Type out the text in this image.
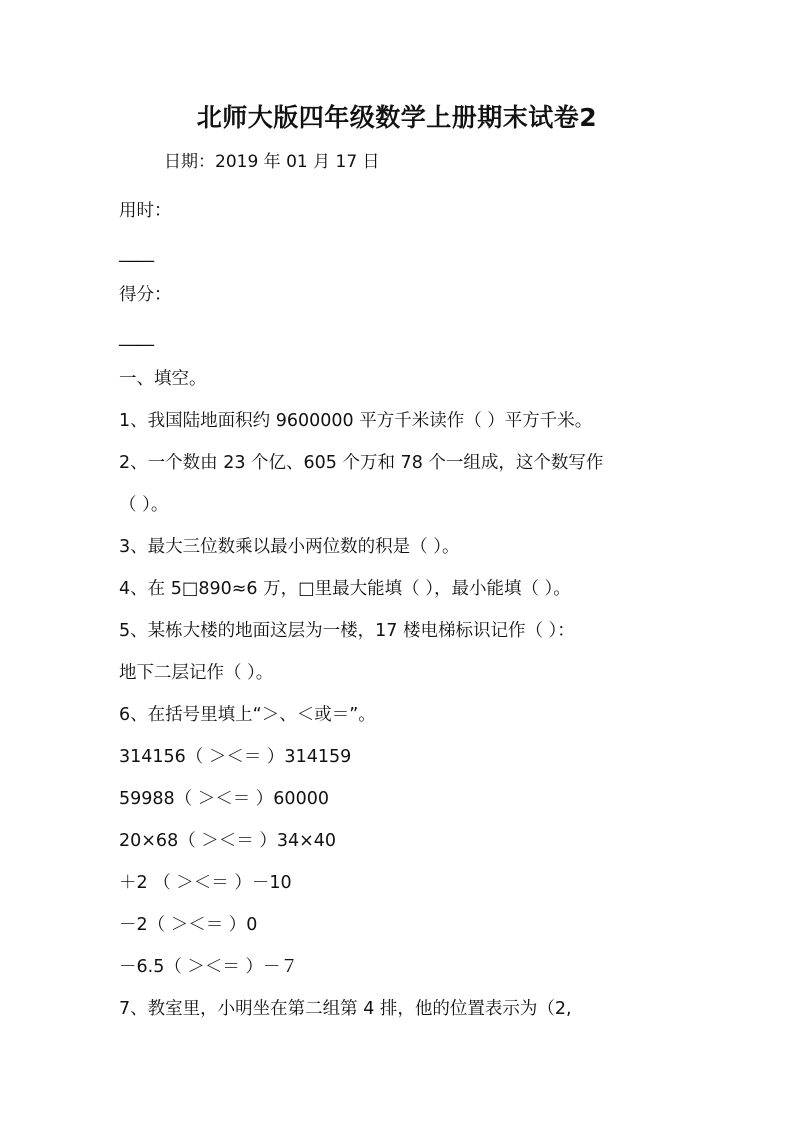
北师大版四年级数学上册期末试卷2
日期：2019 年 01 月 17 日
用时：
____
得分：
____
一、填空。
1、我国陆地面积约 9600000 平方千米读作（ ）平方千米。
2、一个数由 23 个亿、605 个万和 78 个一组成，这个数写作
（ ）。
3、最大三位数乘以最小两位数的积是（ ）。
4、在 5□890≈6 万，□里最大能填（ ），最小能填（ ）。
5、某栋大楼的地面这层为一楼，17 楼电梯标识记作（ ）：
地下二层记作（ ）。
6、在括号里填上“＞、＜或＝”。
314156（ ＞＜＝ ）314159
59988（ ＞＜＝ ）60000
20×68（ ＞＜＝ ）34×40
＋2 （ ＞＜＝ ）－10
－2（ ＞＜＝ ）0
－6.5（ ＞＜＝ ）－７
7、教室里，小明坐在第二组第 4 排，他的位置表示为（2,
